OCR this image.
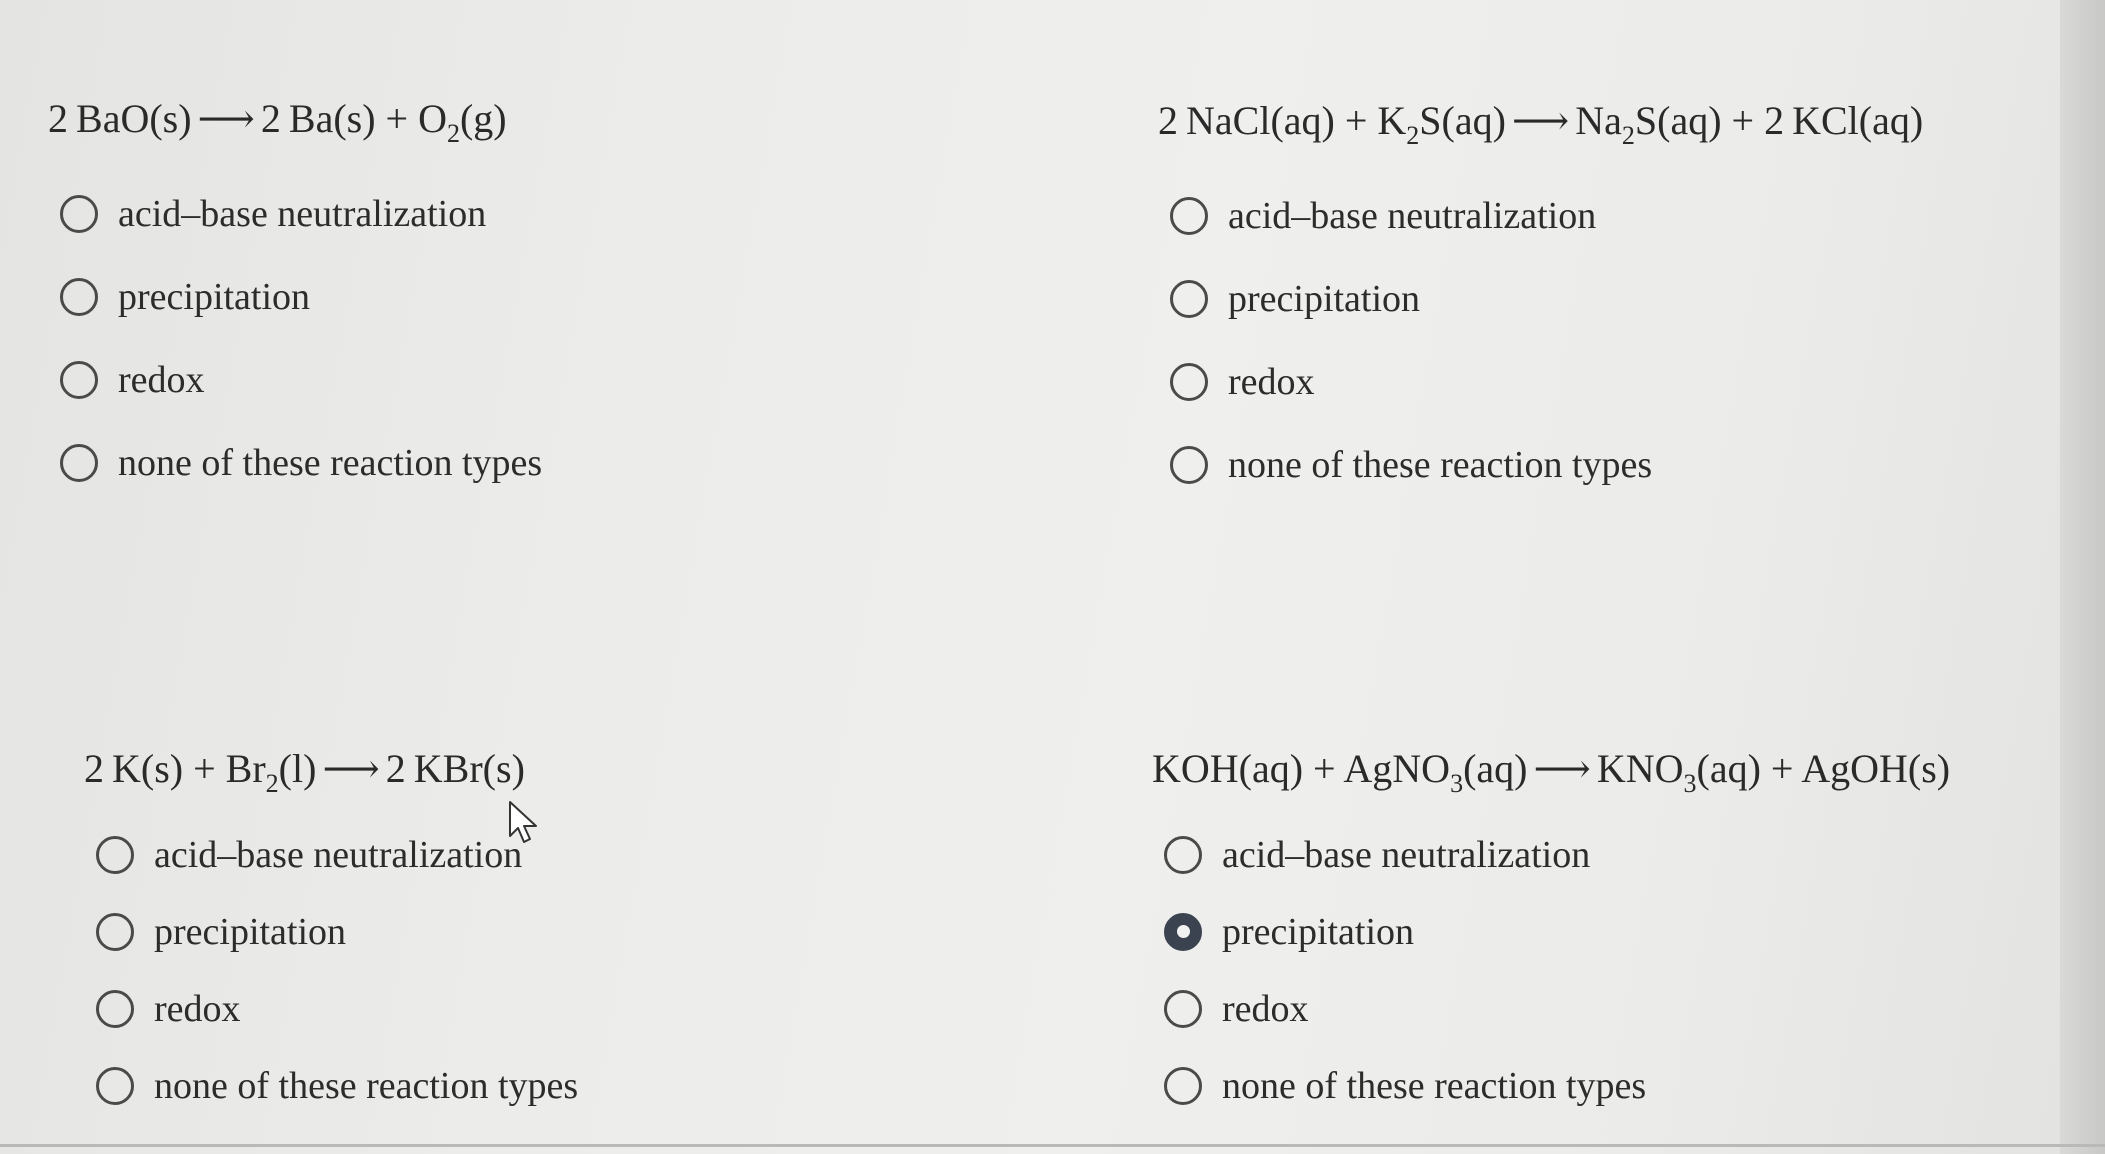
2 BaO(s) ⟶ 2 $Ba(s) + O_2(g)$
acid–base neutralization
precipitation
redox
none of these reaction types
2 NaCl(aq) + $K_2S(aq)$ ⟶ $Na_2S(aq) + 2$ KCl(aq)
acid–base neutralization
precipitation
redox
none of these reaction types
2 $K(s) + Br_2(l)$ ⟶ 2 KBr(s)
acid–base neutralization
precipitation
redox
none of these reaction types
KOH(aq) + AgNO$_3$(aq) ⟶ $KNO_3(aq)$ + AgOH(s)
acid–base neutralization
precipitation
redox
none of these reaction types
